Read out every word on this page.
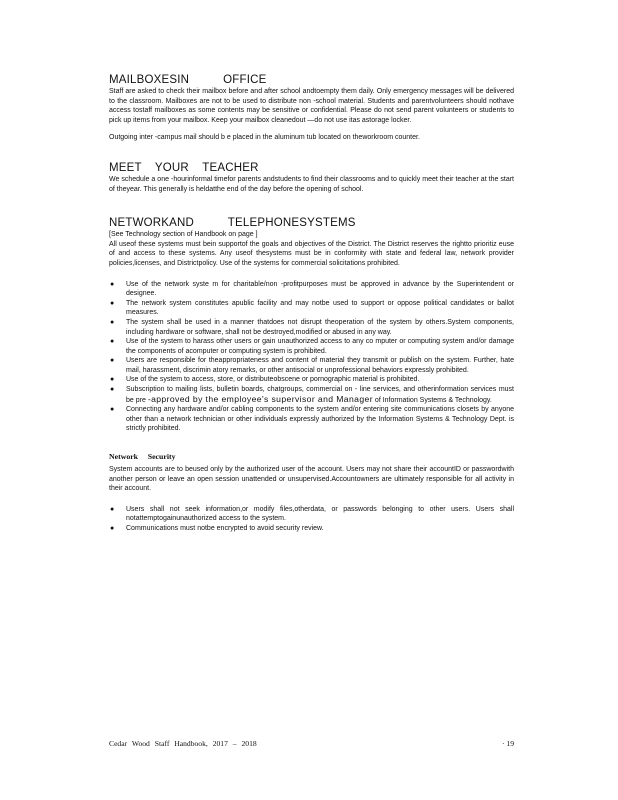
MAILBOXESIN          OFFICE

Staff are asked to check their mailbox before and after school andtoempty them daily. Only emergency messages will be delivered to the classroom. Mailboxes are not to be used to distribute non -school material. Students and parentvolunteers should nothave access tostaff mailboxes as some contents may be sensitive or confidential. Please do not send parent volunteers or students to pick up items from your mailbox. Keep your mailbox cleanedout —do not use itas astorage locker.

Outgoing inter -campus mail should b e placed in the aluminum tub located on theworkroom counter.

MEET    YOUR    TEACHER

We schedule a one -hourinformal timefor parents andstudents to find their classrooms and to quickly meet their teacher at the start of theyear. This generally is heldatthe end of the day before the opening of school.

NETWORKAND          TELEPHONESYSTEMS

[See Technology section of Handbook on page ]

All useof these systems must bein supportof the goals and objectives of the District. The District reserves the rightto prioritiz euse of and access to these systems. Any useof thesystems must be in conformity with state and federal law, network provider policies,licenses, and Districtpolicy. Use of the systems for commercial solicitations prohibited.

● Use of the network syste m for charitable/non -profitpurposes must be approved in advance by the Superintendent or designee.
● The network system constitutes apublic facility and may notbe used to support or oppose political candidates or ballot measures.
● The system shall be used in a manner thatdoes not disrupt theoperation of the system by others.System components, including hardware or software, shall not be destroyed,modified or abused in any way.
● Use of the system to harass other users or gain unauthorized access to any co mputer or computing system and/or damage the components of acomputer or computing system is prohibited.
● Users are responsible for theappropriateness and content of material they transmit or publish on the system. Further, hate mail, harassment, discrimin atory remarks, or other antisocial or unprofessional behaviors expressly prohibited.
● Use of the system to access, store, or distributeobscene or pornographic material is prohibited.
● Subscription to mailing lists, bulletin boards, chatgroups, commercial on - line services, and otherinformation services must be pre -approved by the employee's supervisor and Manager of Information Systems & Technology.
● Connecting any hardware and/or cabling components to the system and/or entering site communications closets by anyone other than a network technician or other individuals expressly authorized by the Information Systems & Technology Dept. is strictly prohibited.
Network     Security

System accounts are to beused only by the authorized user of the account. Users may not share their accountID or passwordwith another person or leave an open session unattended or unsupervised.Accountowners are ultimately responsible for all activity in their account.

● Users shall not seek information,or modify files,otherdata, or passwords belonging to other users. Users shall notattemptogainunauthorized access to the system.
● Communications must notbe encrypted to avoid security review.
Cedar Wood Staff Handbook, 2017 – 2018	· 19
